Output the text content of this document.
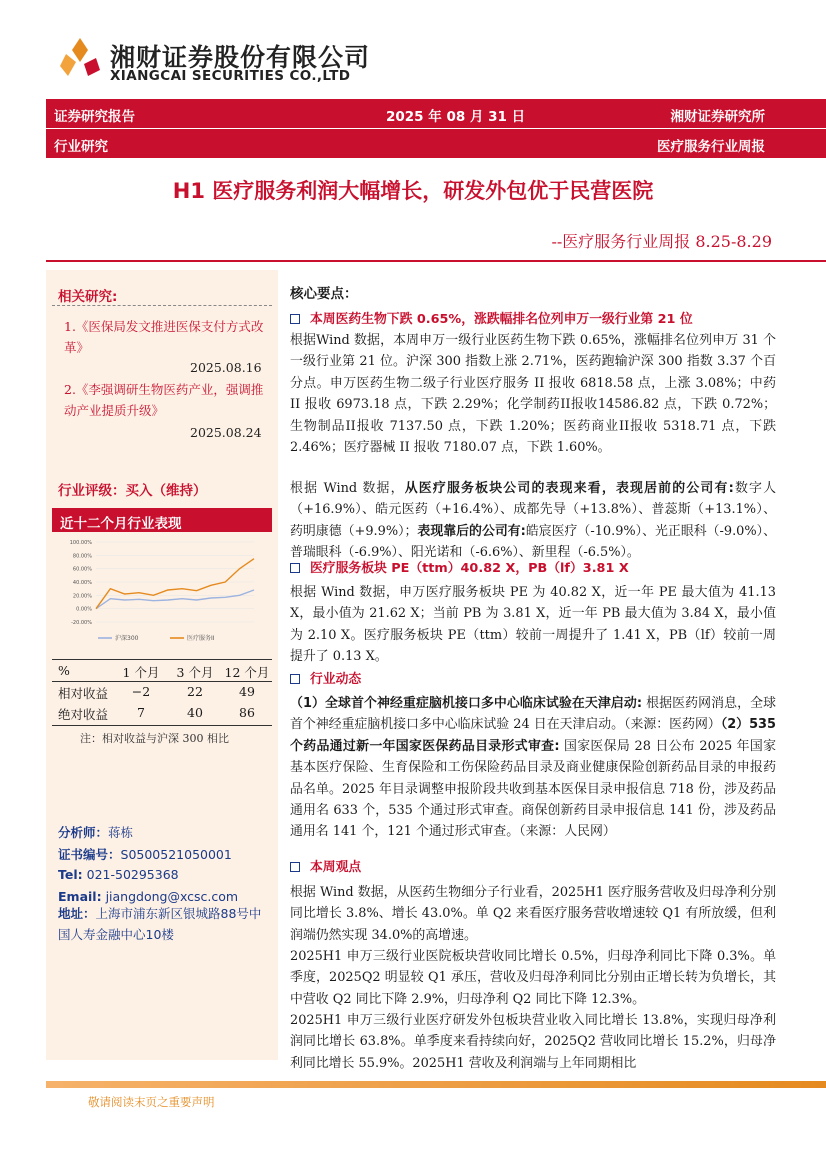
湘财证券股份有限公司
XIANGCAI SECURITIES CO.,LTD
证券研究报告	2025 年 08 月 31 日	湘财证券研究所
行业研究	医疗服务行业周报
H1 医疗服务利润大幅增长，研发外包优于民营医院
--医疗服务行业周报 8.25-8.29
相关研究:
1.《医保局发文推进医保支付方式改革》
2025.08.16
2.《李强调研生物医药产业，强调推动产业提质升级》
2025.08.24
行业评级：买入（维持）
近十二个月行业表现
100.00%
80.00%
60.00%
40.00%
20.00%
0.00%
-20.00%
沪深300	医疗服务II
%	1 个月	3 个月 12 个月
相对收益	−2	22	49
绝对收益	7	40	86
注：相对收益与沪深 300 相比
分析师：蒋栋
证书编号：S0500521050001
Tel: 021-50295368
Email: jiangdong@xcsc.com
地址：上海市浦东新区银城路88号中国人寿金融中心10楼
核心要点：
本周医药生物下跌 0.65%，涨跌幅排名位列申万一级行业第 21 位
根据Wind 数据，本周申万一级行业医药生物下跌 0.65%，涨幅排名位列申万 31 个一级行业第 21 位。沪深 300 指数上涨 2.71%，医药跑输沪深 300 指数 3.37 个百分点。申万医药生物二级子行业医疗服务 II 报收 6818.58 点，上涨 3.08%；中药 II 报收 6973.18 点，下跌 2.29%；化学制药II报收14586.82 点，下跌 0.72%；生物制品II报收 7137.50 点，下跌 1.20%；医药商业II报收 5318.71 点，下跌 2.46%；医疗器械 II 报收 7180.07 点，下跌 1.60%。
根据 Wind 数据，从医疗服务板块公司的表现来看，表现居前的公司有:数字人（+16.9%）、皓元医药（+16.4%）、成都先导（+13.8%）、普蕊斯（+13.1%）、药明康德（+9.9%）；表现靠后的公司有:皓宸医疗（-10.9%）、光正眼科（-9.0%）、普瑞眼科（-6.9%）、阳光诺和（-6.6%）、新里程（-6.5%）。
医疗服务板块 PE（ttm）40.82 X，PB（lf）3.81 X
根据 Wind 数据，申万医疗服务板块 PE 为 40.82 X，近一年 PE 最大值为 41.13 X，最小值为 21.62 X；当前 PB 为 3.81 X，近一年 PB 最大值为 3.84 X，最小值为 2.10 X。医疗服务板块 PE（ttm）较前一周提升了 1.41 X，PB（lf）较前一周提升了 0.13 X。
行业动态
（1）全球首个神经重症脑机接口多中心临床试验在天津启动: 根据医药网消息，全球首个神经重症脑机接口多中心临床试验 24 日在天津启动。（来源：医药网）（2）535 个药品通过新一年国家医保药品目录形式审查: 国家医保局 28 日公布 2025 年国家基本医疗保险、生育保险和工伤保险药品目录及商业健康保险创新药品目录的申报药品名单。2025 年目录调整申报阶段共收到基本医保目录申报信息 718 份，涉及药品通用名 633 个，535 个通过形式审查。商保创新药目录申报信息 141 份，涉及药品通用名 141 个，121 个通过形式审查。（来源：人民网）
本周观点
根据 Wind 数据，从医药生物细分子行业看，2025H1 医疗服务营收及归母净利分别同比增长 3.8%、增长 43.0%。单 Q2 来看医疗服务营收增速较 Q1 有所放缓，但利润端仍然实现 34.0%的高增速。
2025H1 申万三级行业医院板块营收同比增长 0.5%，归母净利同比下降 0.3%。单季度，2025Q2 明显较 Q1 承压，营收及归母净利同比分别由正增长转为负增长，其中营收 Q2 同比下降 2.9%，归母净利 Q2 同比下降 12.3%。
2025H1 申万三级行业医疗研发外包板块营业收入同比增长 13.8%，实现归母净利润同比增长 63.8%。单季度来看持续向好，2025Q2 营收同比增长 15.2%，归母净利同比增长 55.9%。2025H1 营收及利润端与上年同期相比
敬请阅读末页之重要声明
